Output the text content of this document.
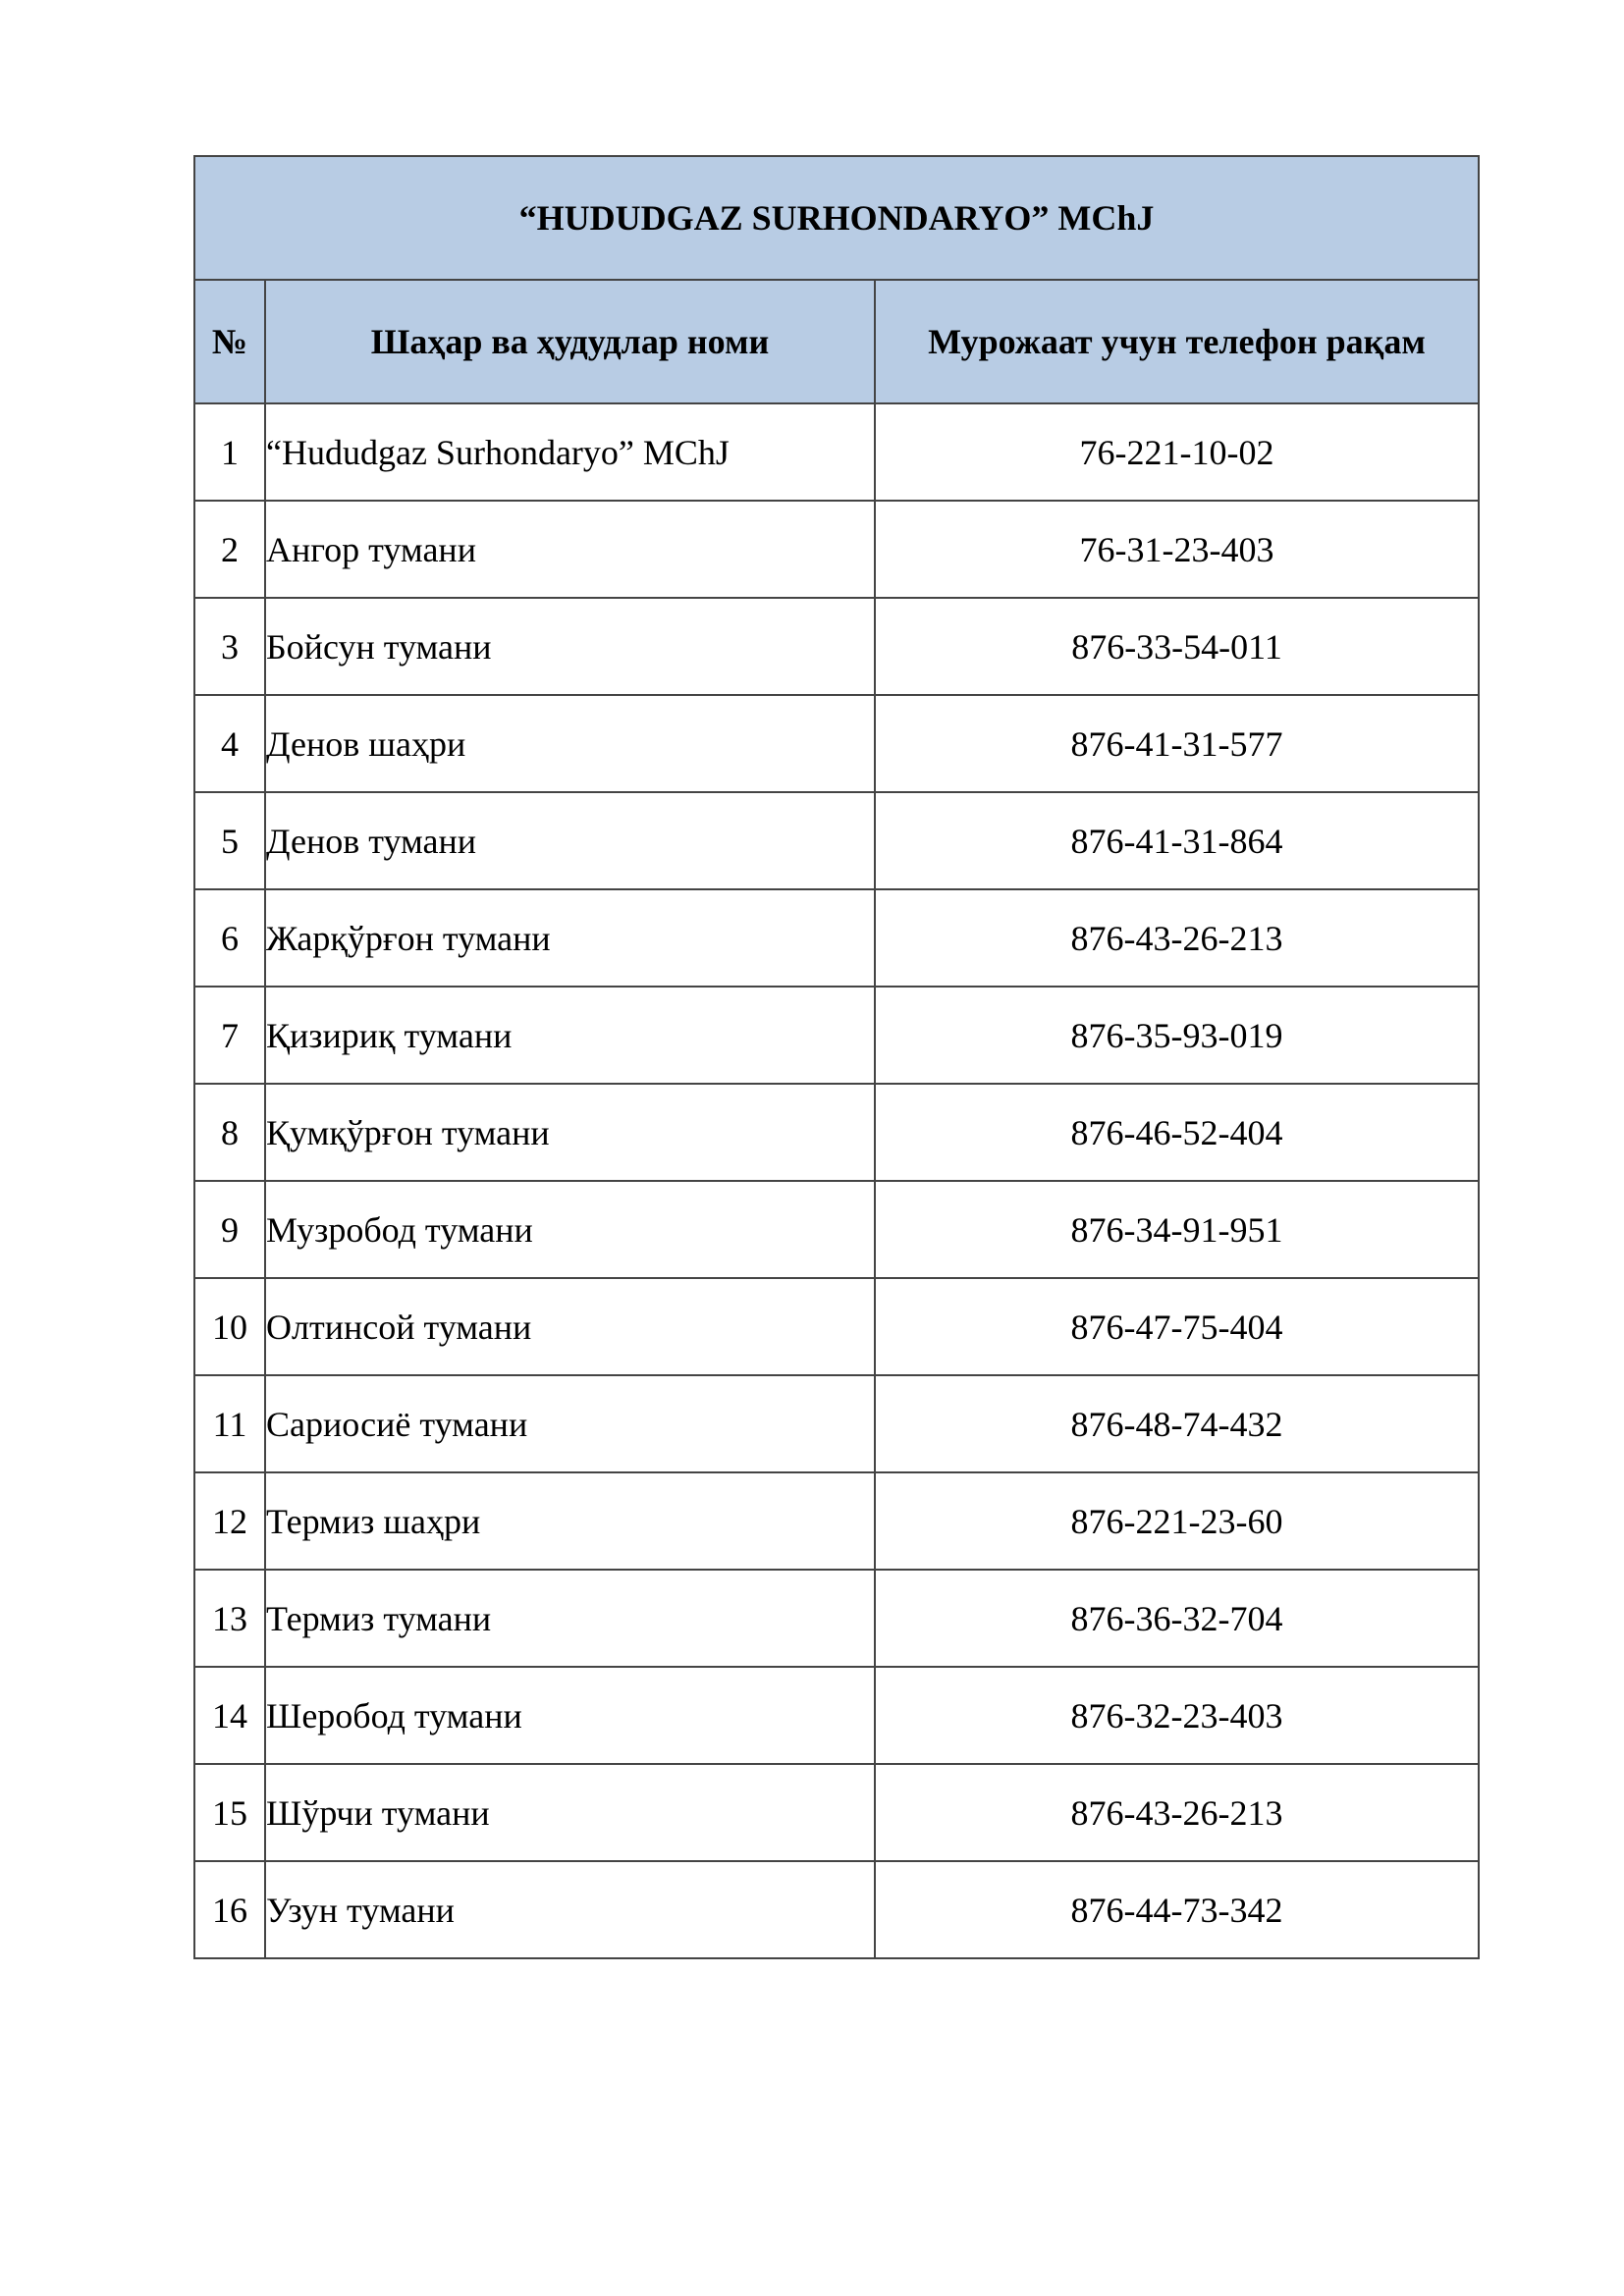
“HUDUDGAZ SURHONDARYO” MChJ		
№	Шаҳар ва ҳудудлар номи	Мурожаат учун телефон рақам
1	“Hududgaz Surhondaryo” MChJ	76-221-10-02
2	Ангор тумани	76-31-23-403
3	Бойсун тумани	876-33-54-011
4	Денов шаҳри	876-41-31-577
5	Денов тумани	876-41-31-864
6	Жарқўрғон тумани	876-43-26-213
7	Қизириқ тумани	876-35-93-019
8	Қумқўрғон тумани	876-46-52-404
9	Музробод тумани	876-34-91-951
10	Олтинсой тумани	876-47-75-404
11	Сариосиё тумани	876-48-74-432
12	Термиз шаҳри	876-221-23-60
13	Термиз тумани	876-36-32-704
14	Шеробод тумани	876-32-23-403
15	Шўрчи тумани	876-43-26-213
16	Узун тумани	876-44-73-342
